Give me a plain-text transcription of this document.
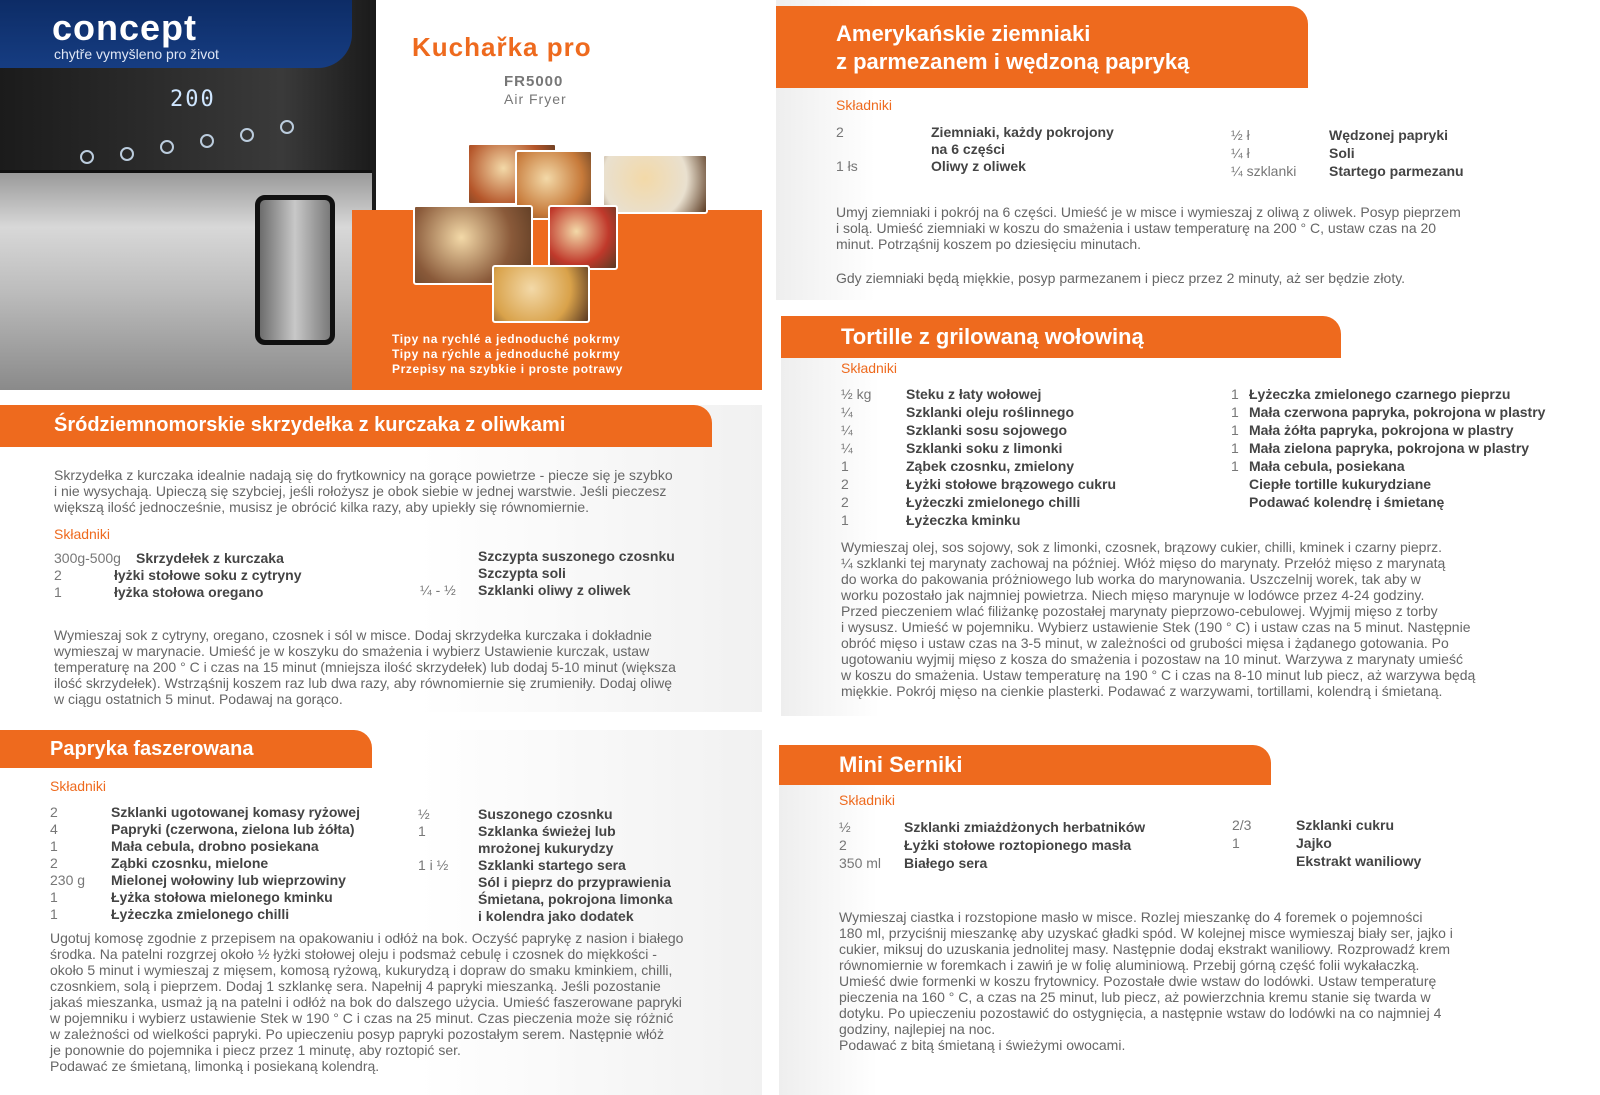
200
concept
chytře vymyšleno pro život	Kuchařka pro
FR5000
Air Fryer
Tipy na rychlé a jednoduché pokrmy
Tipy na rýchle a jednoduché pokrmy
Przepisy na szybkie i proste potrawy
Śródziemnomorskie skrzydełka z kurczaka z oliwkami
Skrzydełka z kurczaka idealnie nadają się do frytkownicy na gorące powietrze - piecze się je szybko
i nie wysychają. Upieczą się szybciej, jeśli rołożysz je obok siebie w jednej warstwie. Jeśli pieczesz
większą ilość jednocześnie, musisz je obrócić kilka razy, aby upiekły się równomiernie.
Składniki
300g-500g Skrzydełek z kurczaka
2	łyżki stołowe soku z cytryny
1	łyżka stołowa oregano
Szczypta suszonego czosnku
Szczypta soli
¼ - ½ Szklanki oliwy z oliwek
Wymieszaj sok z cytryny, oregano, czosnek i sól w misce. Dodaj skrzydełka kurczaka i dokładnie
wymieszaj w marynacie. Umieść je w koszyku do smażenia i wybierz Ustawienie kurczak, ustaw
temperaturę na 200 ° C i czas na 15 minut (mniejsza ilość skrzydełek) lub dodaj 5-10 minut (większa
ilość skrzydełek). Wstrząśnij koszem raz lub dwa razy, aby równomiernie się zrumieniły. Dodaj oliwę
w ciągu ostatnich 5 minut. Podawaj na gorąco.
Papryka faszerowana
Składniki
2	Szklanki ugotowanej komasy ryżowej
4	Papryki (czerwona, zielona lub żółta)
1	Mała cebula, drobno posiekana
2	Ząbki czosnku, mielone
230 g Mielonej wołowiny lub wieprzowiny
1	Łyżka stołowa mielonego kminku
1	Łyżeczka zmielonego chilli
½	Suszonego czosnku
1	Szklanka świeżej lub
mrożonej kukurydzy
1 i ½ Szklanki startego sera
Sól i pieprz do przyprawienia
Śmietana, pokrojona limonka
i kolendra jako dodatek
Ugotuj komosę zgodnie z przepisem na opakowaniu i odłóż na bok. Oczyść paprykę z nasion i białego
środka. Na patelni rozgrzej około ½ łyżki stołowej oleju i podsmaż cebulę i czosnek do miękkości -
około 5 minut i wymieszaj z mięsem, komosą ryżową, kukurydzą i dopraw do smaku kminkiem, chilli,
czosnkiem, solą i pieprzem. Dodaj 1 szklankę sera. Napełnij 4 papryki mieszanką. Jeśli pozostanie
jakaś mieszanka, usmaż ją na patelni i odłóż na bok do dalszego użycia. Umieść faszerowane papryki
w pojemniku i wybierz ustawienie Stek w 190 ° C i czas na 25 minut. Czas pieczenia może się różnić
w zależności od wielkości papryki. Po upieczeniu posyp papryki pozostałym serem. Następnie włóż
je ponownie do pojemnika i piecz przez 1 minutę, aby roztopić ser.
Podawać ze śmietaną, limonką i posiekaną kolendrą.
Amerykańskie ziemniaki
z parmezanem i wędzoną papryką
Składniki
2	Ziemniaki, każdy pokrojony
na 6 części
1 łs	Oliwy z oliwek
½ ł	Wędzonej papryki
¼ ł	Soli
¼ szklanki Startego parmezanu
Umyj ziemniaki i pokrój na 6 części. Umieść je w misce i wymieszaj z oliwą z oliwek. Posyp pieprzem
i solą. Umieść ziemniaki w koszu do smażenia i ustaw temperaturę na 200 ° C, ustaw czas na 20
minut. Potrząśnij koszem po dziesięciu minutach.
Gdy ziemniaki będą miękkie, posyp parmezanem i piecz przez 2 minuty, aż ser będzie złoty.
Tortille z grilowaną wołowiną
Składniki
½ kg Steku z łaty wołowej
¼	Szklanki oleju roślinnego
¼	Szklanki sosu sojowego
¼	Szklanki soku z limonki
1	Ząbek czosnku, zmielony
2	Łyżki stołowe brązowego cukru
2	Łyżeczki zmielonego chilli
1	Łyżeczka kminku
1 Łyżeczka zmielonego czarnego pieprzu
1 Mała czerwona papryka, pokrojona w plastry
1 Mała żółta papryka, pokrojona w plastry
1 Mała zielona papryka, pokrojona w plastry
1 Mała cebula, posiekana
Ciepłe tortille kukurydziane
Podawać kolendrę i śmietanę
Wymieszaj olej, sos sojowy, sok z limonki, czosnek, brązowy cukier, chilli, kminek i czarny pieprz.
¼ szklanki tej marynaty zachowaj na później. Włóż mięso do marynaty. Przełóż mięso z marynatą
do worka do pakowania próżniowego lub worka do marynowania. Uszczelnij worek, tak aby w
worku pozostało jak najmniej powietrza. Niech mięso marynuje w lodówce przez 4-24 godziny.
Przed pieczeniem wlać filiżankę pozostałej marynaty pieprzowo-cebulowej. Wyjmij mięso z torby
i wysusz. Umieść w pojemniku. Wybierz ustawienie Stek (190 ° C) i ustaw czas na 5 minut. Następnie
obróć mięso i ustaw czas na 3-5 minut, w zależności od grubości mięsa i żądanego gotowania. Po
ugotowaniu wyjmij mięso z kosza do smażenia i pozostaw na 10 minut. Warzywa z marynaty umieść
w koszu do smażenia. Ustaw temperaturę na 190 ° C i czas na 8-10 minut lub piecz, aż warzywa będą
miękkie. Pokrój mięso na cienkie plasterki. Podawać z warzywami, tortillami, kolendrą i śmietaną.
Mini Serniki
Składniki
½	Szklanki zmiażdżonych herbatników
2	Łyżki stołowe roztopionego masła
350 ml Białego sera
2/3	Szklanki cukru
1	Jajko
Ekstrakt waniliowy
Wymieszaj ciastka i rozstopione masło w misce. Rozlej mieszankę do 4 foremek o pojemności
180 ml, przyciśnij mieszankę aby uzyskać gładki spód. W kolejnej misce wymieszaj biały ser, jajko i
cukier, miksuj do uzuskania jednolitej masy. Następnie dodaj ekstrakt waniliowy. Rozprowadź krem
równomiernie w foremkach i zawiń je w folię aluminiową. Przebij górną część folii wykałaczką.
Umieść dwie formenki w koszu frytownicy. Pozostałe dwie wstaw do lodówki. Ustaw temperaturę
pieczenia na 160 ° C, a czas na 25 minut, lub piecz, aż powierzchnia kremu stanie się twarda w
dotyku. Po upieczeniu pozostawić do ostygnięcia, a następnie wstaw do lodówki na co najmniej 4
godziny, najlepiej na noc.
Podawać z bitą śmietaną i świeżymi owocami.
